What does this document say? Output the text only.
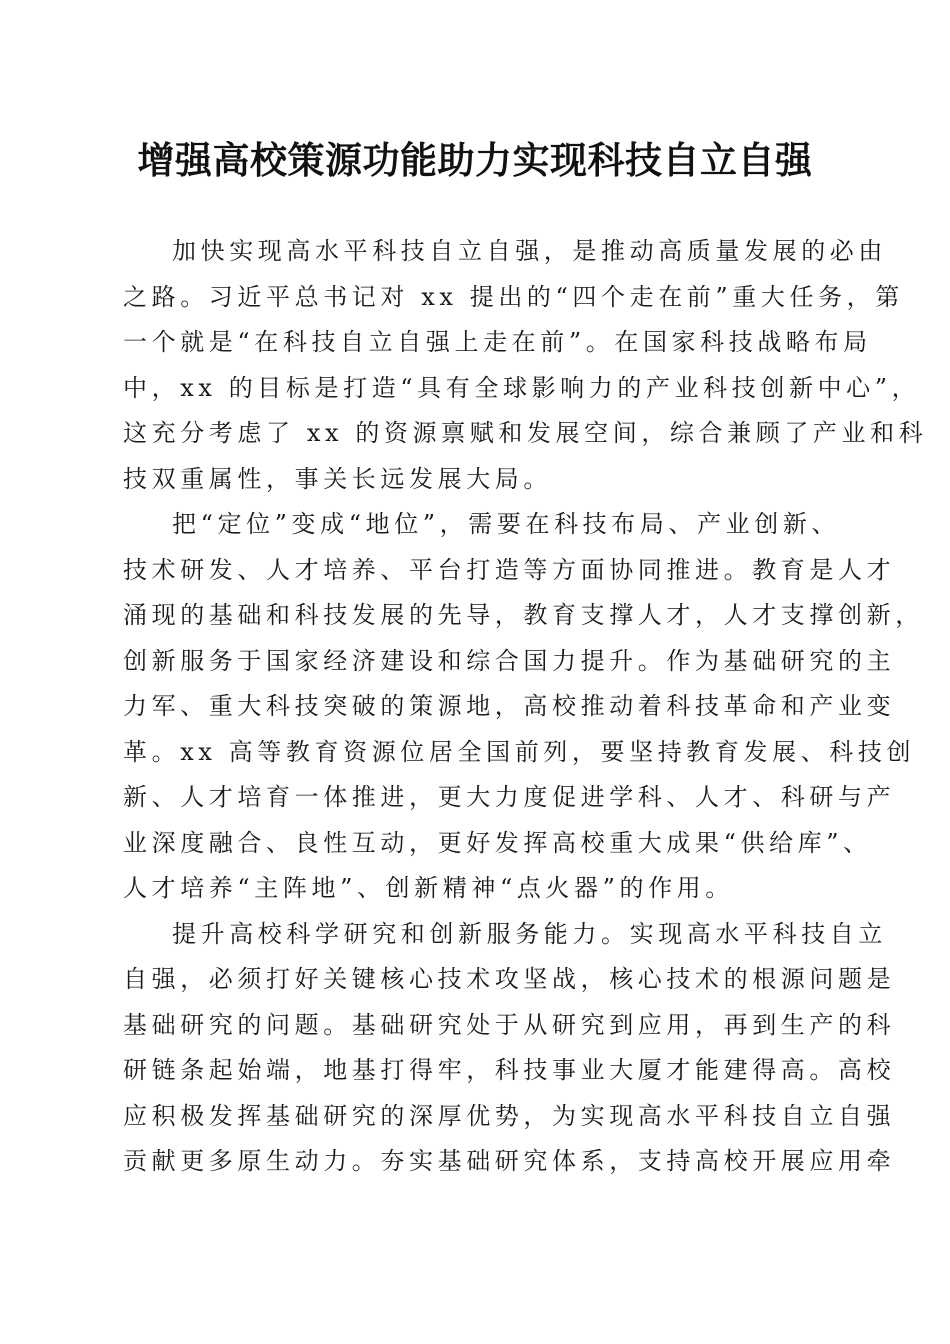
增强高校策源功能助力实现科技自立自强
加快实现高水平科技自立自强，是推动高质量发展的必由
之路。习近平总书记对 xx 提出的“四个走在前”重大任务，第
一个就是“在科技自立自强上走在前”。在国家科技战略布局
中，xx 的目标是打造“具有全球影响力的产业科技创新中心”，
这充分考虑了 xx 的资源禀赋和发展空间，综合兼顾了产业和科
技双重属性，事关长远发展大局。
把“定位”变成“地位”，需要在科技布局、产业创新、
技术研发、人才培养、平台打造等方面协同推进。教育是人才
涌现的基础和科技发展的先导，教育支撑人才，人才支撑创新，
创新服务于国家经济建设和综合国力提升。作为基础研究的主
力军、重大科技突破的策源地，高校推动着科技革命和产业变
革。xx 高等教育资源位居全国前列，要坚持教育发展、科技创
新、人才培育一体推进，更大力度促进学科、人才、科研与产
业深度融合、良性互动，更好发挥高校重大成果“供给库”、
人才培养“主阵地”、创新精神“点火器”的作用。
提升高校科学研究和创新服务能力。实现高水平科技自立
自强，必须打好关键核心技术攻坚战，核心技术的根源问题是
基础研究的问题。基础研究处于从研究到应用，再到生产的科
研链条起始端，地基打得牢，科技事业大厦才能建得高。高校
应积极发挥基础研究的深厚优势，为实现高水平科技自立自强
贡献更多原生动力。夯实基础研究体系，支持高校开展应用牵
